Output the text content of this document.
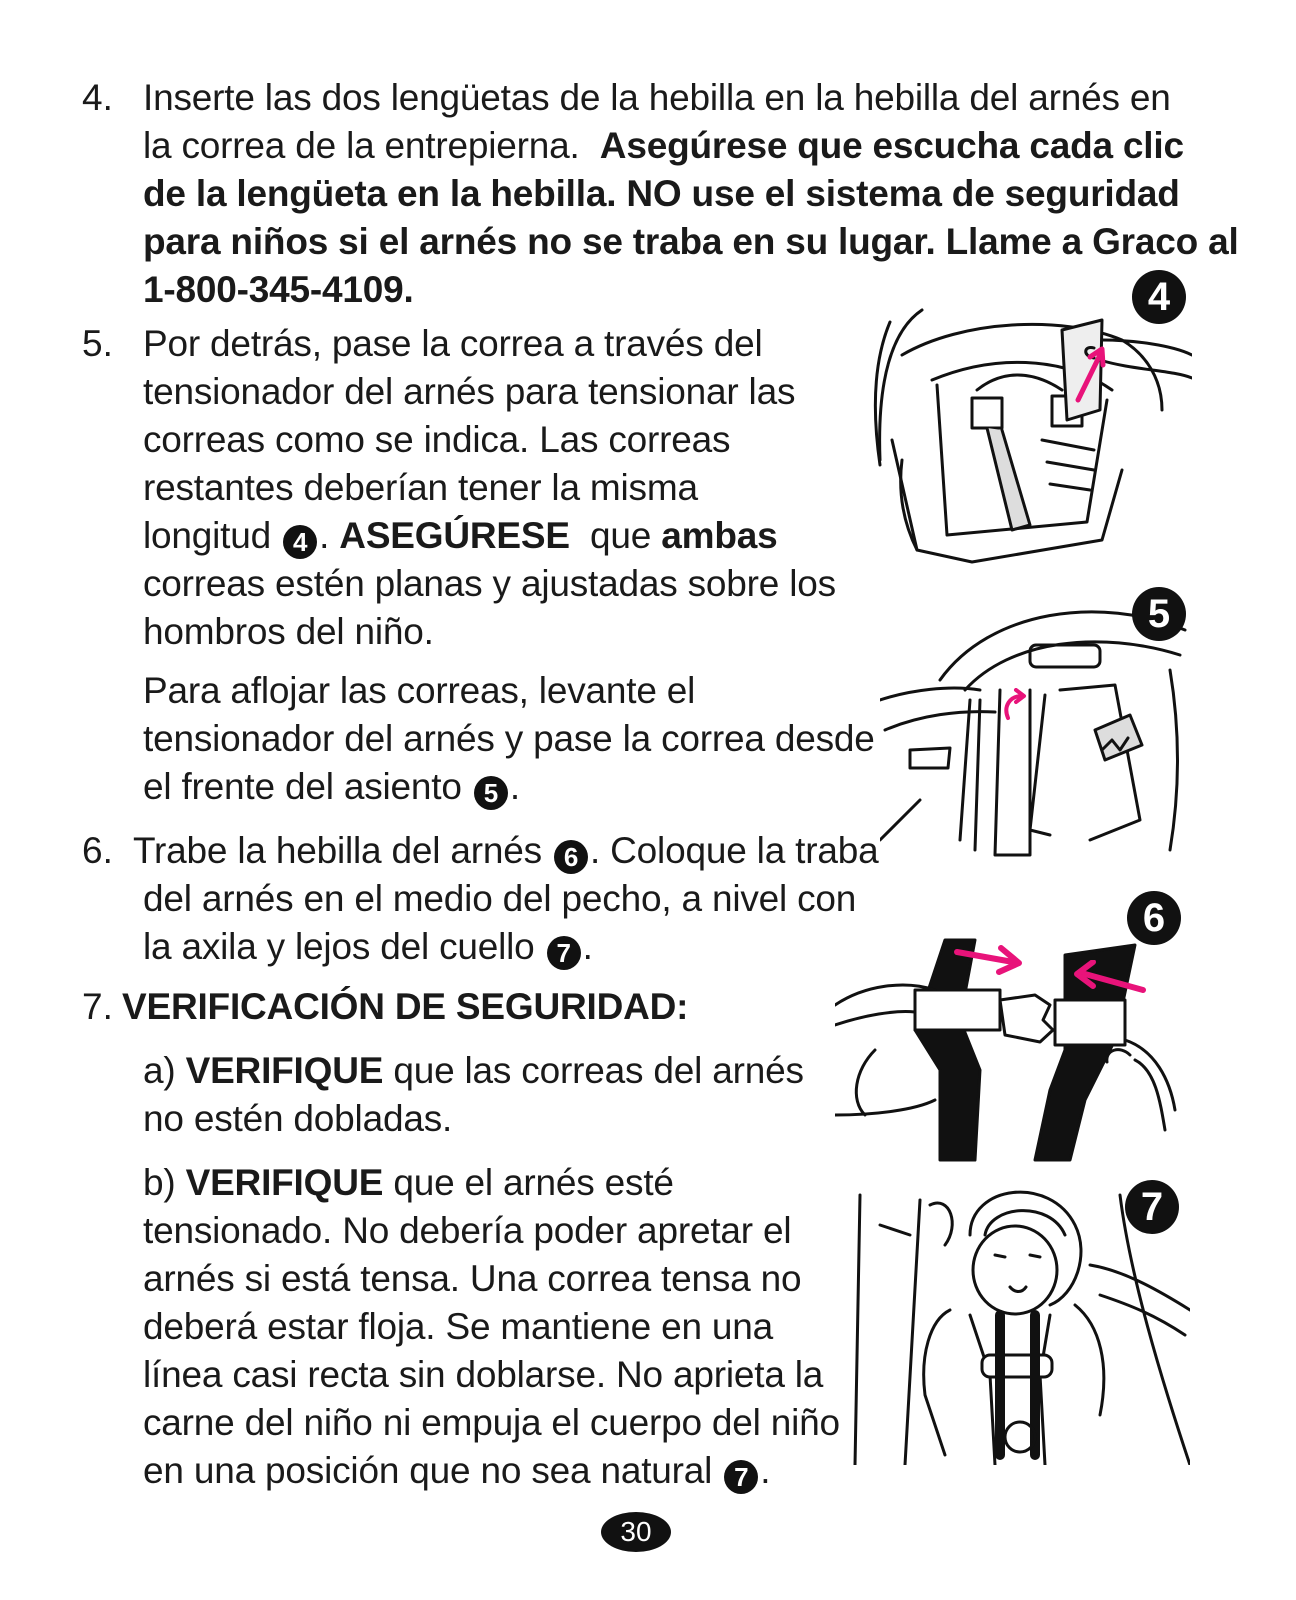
4. Inserte las dos lengüetas de la hebilla en la hebilla del arnés en
la correa de la entrepierna. Asegúrese que escucha cada clic
de la lengüeta en la hebilla. NO use el sistema de seguridad
para niños si el arnés no se traba en su lugar. Llame a Graco al
1-800-345-4109.
5. Por detrás, pase la correa a través del
tensionador del arnés para tensionar las
correas como se indica. Las correas
restantes deberían tener la misma
longitud 4 . ASEGÚRESE que ambas
correas estén planas y ajustadas sobre los
hombros del niño.
Para aflojar las correas, levante el
tensionador del arnés y pase la correa desde
el frente del asiento 5 .
6. Trabe la hebilla del arnés 6 . Coloque la traba
del arnés en el medio del pecho, a nivel con
la axila y lejos del cuello 7 .
7. VERIFICACIÓN DE SEGURIDAD:
a) VERIFIQUE que las correas del arnés
no estén dobladas.
b) VERIFIQUE que el arnés esté
tensionado. No debería poder apretar el
arnés si está tensa. Una correa tensa no
deberá estar floja. Se mantiene en una
línea casi recta sin doblarse. No aprieta la
carne del niño ni empuja el cuerpo del niño
en una posición que no sea natural 7 .
4
5
6
7
30
